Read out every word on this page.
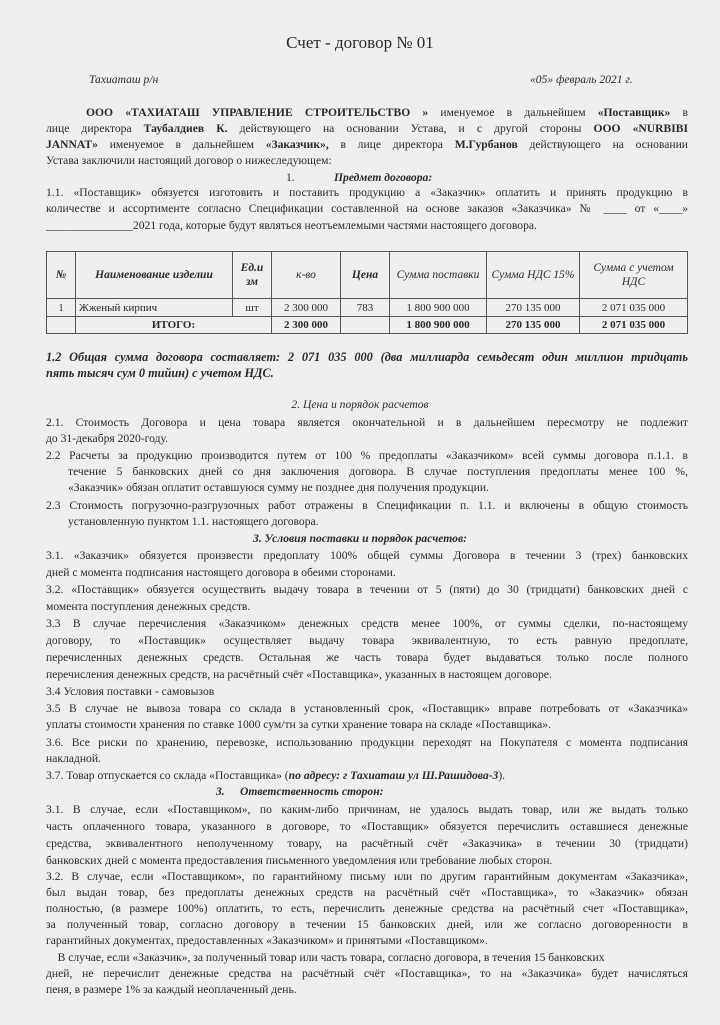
Счет - договор № 01
Тахиаташ р/н	«05» февраль 2021 г.
ООО «ТАХИАТАШ УПРАВЛЕНИЕ СТРОИТЕЛЬСТВО » именуемое в дальнейшем «Поставщик» в
лице директора Таубалдиев К. действующего на основании Устава, и с другой стороны ООО «NURBIBI
JANNAT» именуемое в дальнейшем «Заказчик», в лице директора М.Гурбанов действующего на основании
Устава заключили настоящий договор о нижеследующем:
1.	Предмет договора:
1.1. «Поставщик» обязуется изготовить и поставить продукцию а «Заказчик» оплатить и принять продукцию в
количестве и ассортименте согласно Спецификации составленной на основе заказов «Заказчика» № ____ от «____»
_______________2021 года, которые будут являться неотъемлемыми частями настоящего договора.
№	Наименование изделии	Ед.и зм	к-во	Цена	Сумма поставки	Сумма НДС 15%	Сумма с учетом НДС
1	Жженый кирпич	шт	2 300 000	783	1 800 900 000	270 135 000	2 071 035 000
	ИТОГО:		2 300 000		1 800 900 000	270 135 000	2 071 035 000
1.2 Общая сумма договора составляет: 2 071 035 000 (два миллиарда семьдесят один миллион тридцать
пять тысяч сум 0 тийин) с учетом НДС.
2. Цена и порядок расчетов
2.1. Стоимость Договора и цена товара является окончательной и в дальнейшем пересмотру не подлежит
до 31-декабря 2020-году.
2.2 Расчеты за продукцию производится путем от 100 % предоплаты «Заказчиком» всей суммы договора п.1.1. в
течение 5 банковских дней со дня заключения договора. В случае поступления предоплаты менее 100 %,
«Заказчик» обязан оплатит оставшуюся сумму не позднее дня получения продукции.
2.3 Стоимость погрузочно-разгрузочных работ отражены в Спецификации п. 1.1. и включены в общую стоимость
установленную пунктом 1.1. настоящего договора.
3. Условия поставки и порядок расчетов:
3.1. «Заказчик» обязуется произвести предоплату 100% общей суммы Договора в течении 3 (трех) банковских
дней с момента подписания настоящего договора в обеими сторонами.
3.2. «Поставщик» обязуется осуществить выдачу товара в течении от 5 (пяти) до 30 (тридцати) банковских дней с
момента поступления денежных средств.
3.3 В случае перечисления «Заказчиком» денежных средств менее 100%, от суммы сделки, по-настоящему
договору, то «Поставщик» осуществляет выдачу товара эквивалентную, то есть равную предоплате,
перечисленных денежных средств. Остальная же часть товара будет выдаваться только после полного
перечисления денежных средств, на расчётный счёт «Поставщика», указанных в настоящем договоре.
3.4 Условия поставки - самовызов
3.5 В случае не вывоза товара со склада в установленный срок, «Поставщик» вправе потребовать от «Заказчика»
уплаты стоимости хранения по ставке 1000 сум/тн за сутки хранение товара на складе «Поставщика».
3.6. Все риски по хранению, перевозке, использованию продукции переходят на Покупателя с момента подписания
накладной.
3.7. Товар отпускается со склада «Поставщика» (по адресу: г Тахиаташ ул Ш.Рашидова-3).
3. Ответственность сторон:
3.1. В случае, если «Поставщиком», по каким-либо причинам, не удалось выдать товар, или же выдать только
часть оплаченного товара, указанного в договоре, то «Поставщик» обязуется перечислить оставшиеся денежные
средства, эквивалентного неполученному товару, на расчётный счёт «Заказчика» в течении 30 (тридцати)
банковских дней с момента предоставления письменного уведомления или требование любых сторон.
3.2. В случае, если «Поставщиком», по гарантийному письму или по другим гарантийным документам «Заказчика»,
был выдан товар, без предоплаты денежных средств на расчётный счёт «Поставщика», то «Заказчик» обязан
полностью, (в размере 100%) оплатить, то есть, перечислить денежные средства на расчётный счет «Поставщика»,
за полученный товар, согласно договору в течении 15 банковских дней, или же согласно договоренности в
гарантийных документах, предоставленных «Заказчиком» и принятыми «Поставщиком».
В случае, если «Заказчик», за полученный товар или часть товара, согласно договора, в течения 15 банковских
дней, не перечислит денежные средства на расчётный счёт «Поставщика», то на «Заказчика» будет начисляться
пеня, в размере 1% за каждый неоплаченный день.
